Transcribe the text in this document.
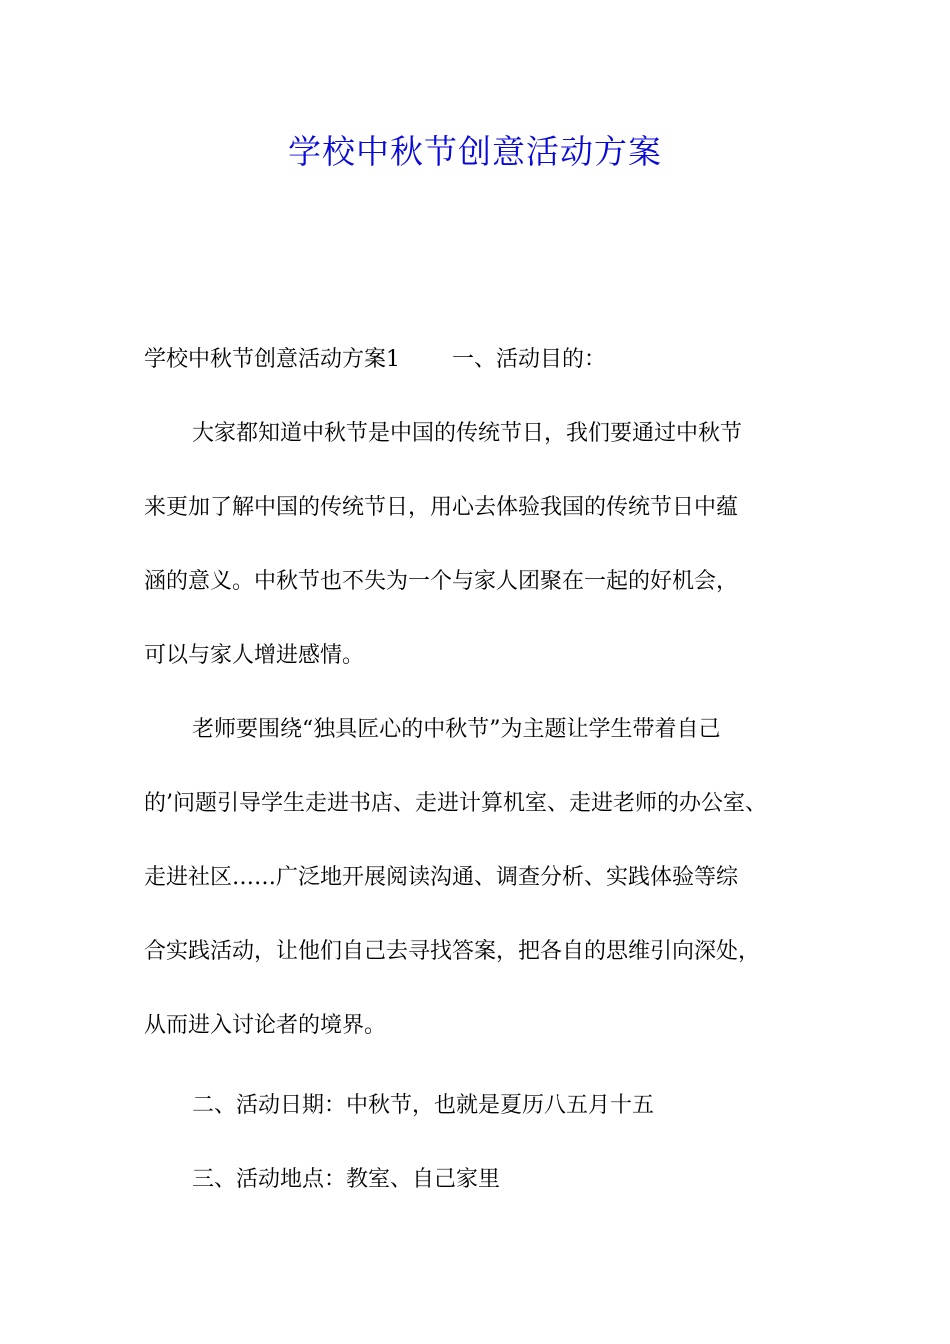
学校中秋节创意活动方案
学校中秋节创意活动方案1 一、活动目的：
大家都知道中秋节是中国的传统节日，我们要通过中秋节
来更加了解中国的传统节日，用心去体验我国的传统节日中蕴
涵的意义。中秋节也不失为一个与家人团聚在一起的好机会，
可以与家人增进感情。
老师要围绕“独具匠心的中秋节”为主题让学生带着自己
的’问题引导学生走进书店、走进计算机室、走进老师的办公室、
走进社区……广泛地开展阅读沟通、调查分析、实践体验等综
合实践活动，让他们自己去寻找答案，把各自的思维引向深处，
从而进入讨论者的境界。
二、活动日期：中秋节，也就是夏历八五月十五
三、活动地点：教室、自己家里
